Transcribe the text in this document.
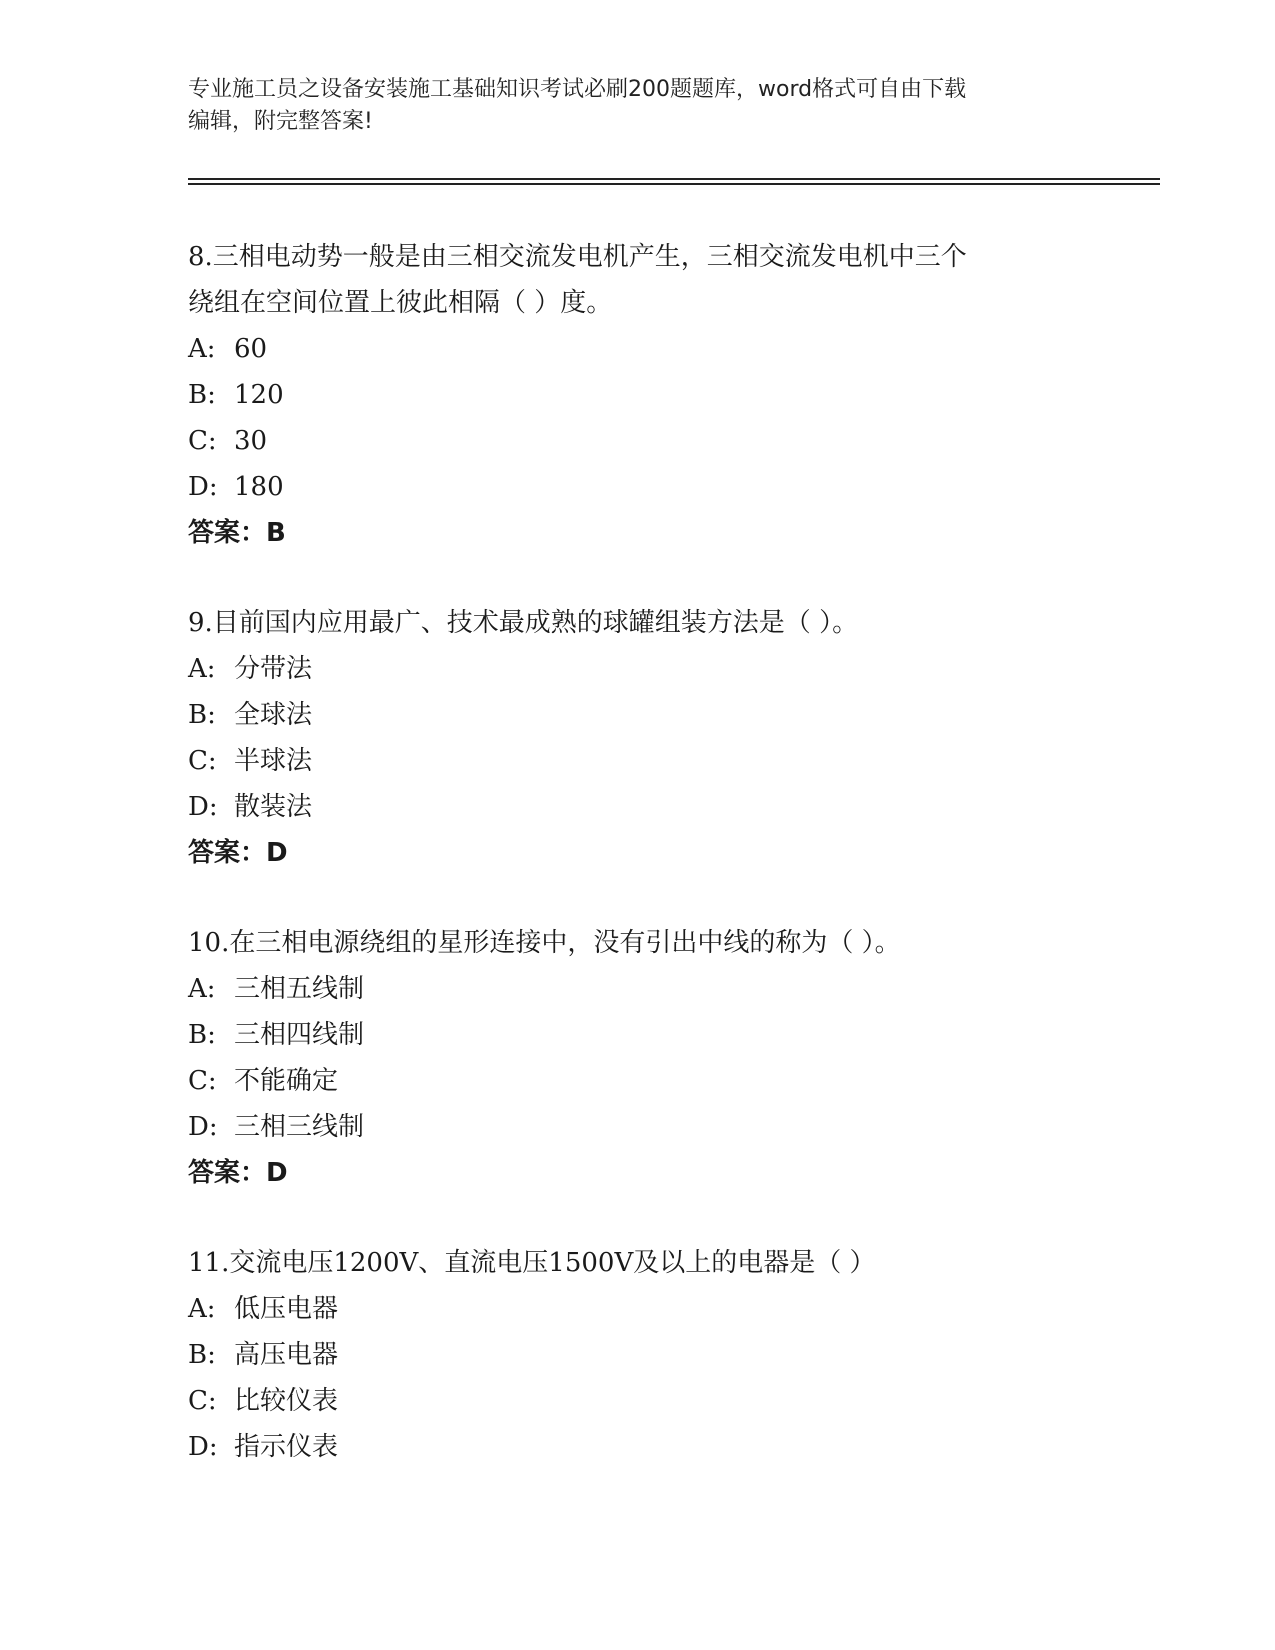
专业施工员之设备安装施工基础知识考试必刷200题题库，word格式可自由下载
编辑，附完整答案!
8.三相电动势一般是由三相交流发电机产生，三相交流发电机中三个
绕组在空间位置上彼此相隔（ ）度。
A: 60
B: 120
C: 30
D: 180
答案：B
9.目前国内应用最广、技术最成熟的球罐组装方法是（ ）。
A: 分带法
B: 全球法
C: 半球法
D: 散装法
答案：D
10.在三相电源绕组的星形连接中，没有引出中线的称为（ ）。
A: 三相五线制
B: 三相四线制
C: 不能确定
D: 三相三线制
答案：D
11.交流电压1200V、直流电压1500V及以上的电器是（ ）
A: 低压电器
B: 高压电器
C: 比较仪表
D: 指示仪表
